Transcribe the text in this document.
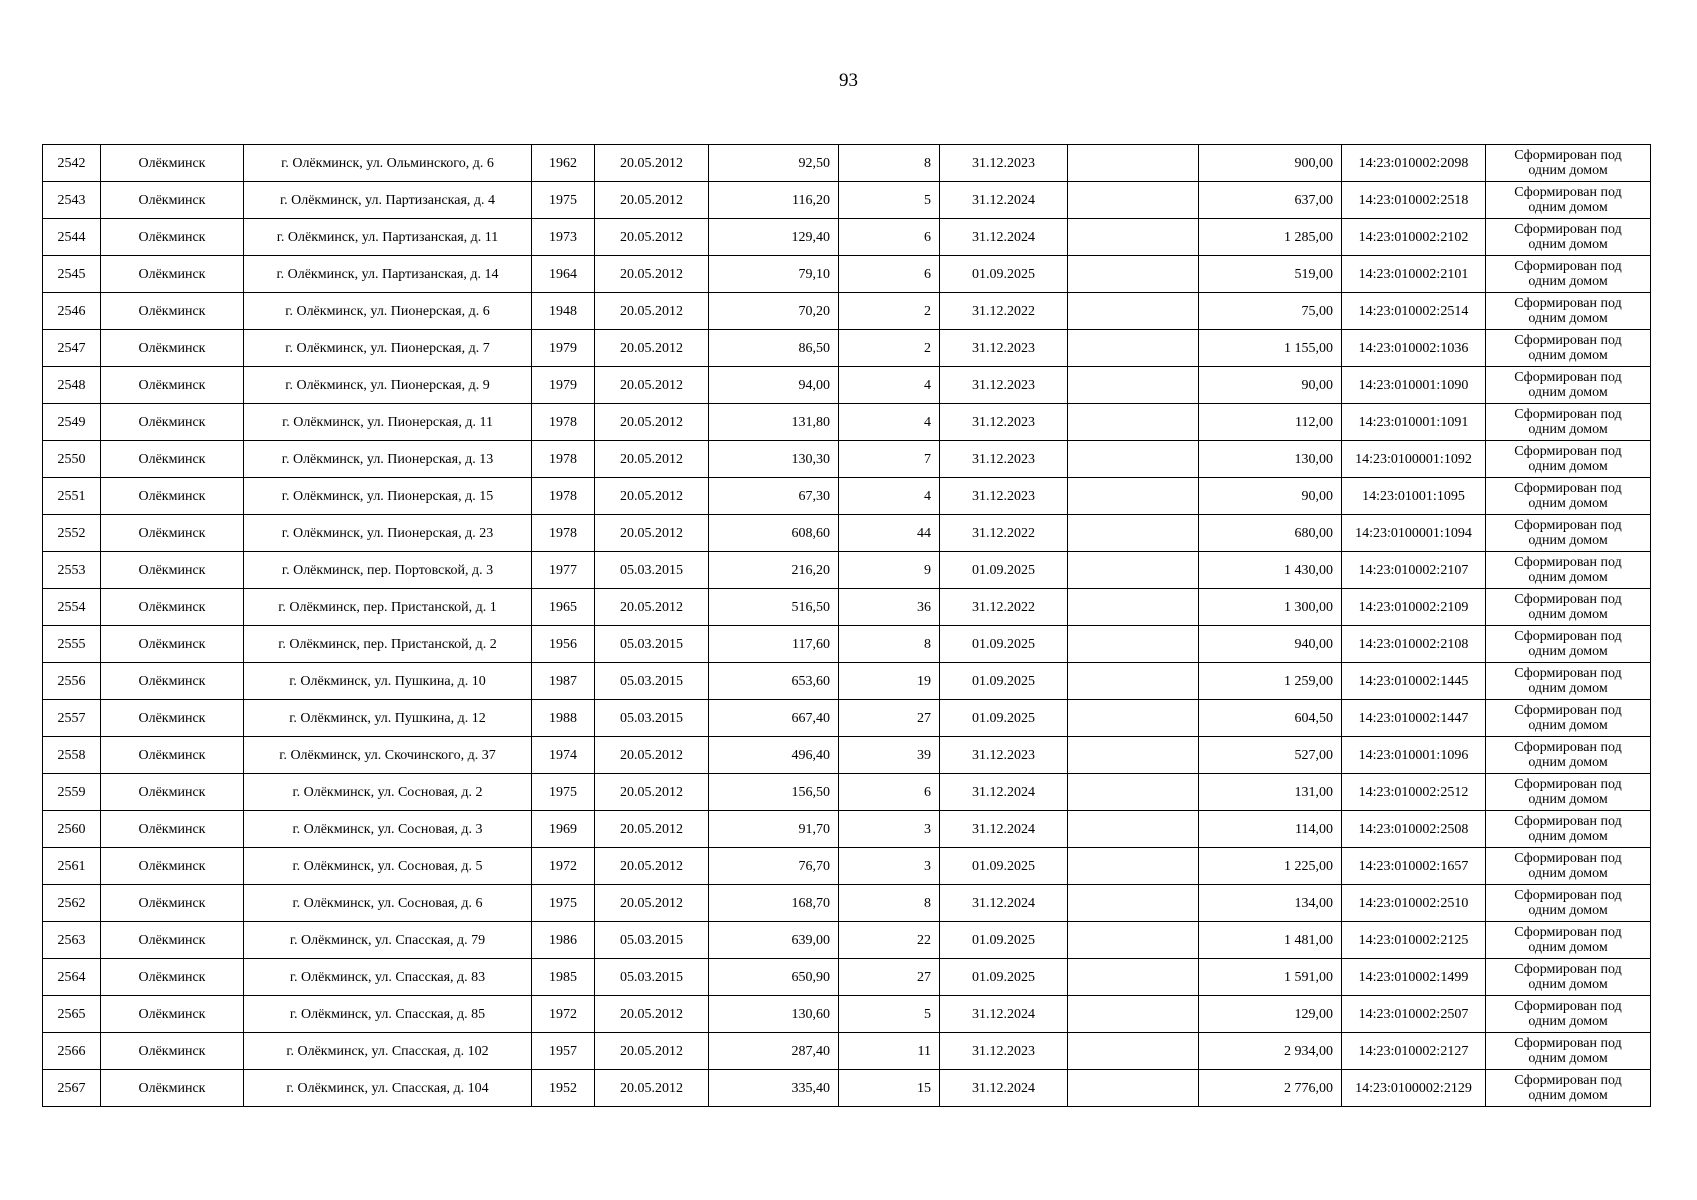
93
2542	Олёкминск	г. Олёкминск, ул. Ольминского, д. 6	1962	20.05.2012	92,50	8	31.12.2023		900,00	14:23:010002:2098	Сформирован под одним домом
2543	Олёкминск	г. Олёкминск, ул. Партизанская, д. 4	1975	20.05.2012	116,20	5	31.12.2024		637,00	14:23:010002:2518	Сформирован под одним домом
2544	Олёкминск	г. Олёкминск, ул. Партизанская, д. 11	1973	20.05.2012	129,40	6	31.12.2024		1 285,00	14:23:010002:2102	Сформирован под одним домом
2545	Олёкминск	г. Олёкминск, ул. Партизанская, д. 14	1964	20.05.2012	79,10	6	01.09.2025		519,00	14:23:010002:2101	Сформирован под одним домом
2546	Олёкминск	г. Олёкминск, ул. Пионерская, д. 6	1948	20.05.2012	70,20	2	31.12.2022		75,00	14:23:010002:2514	Сформирован под одним домом
2547	Олёкминск	г. Олёкминск, ул. Пионерская, д. 7	1979	20.05.2012	86,50	2	31.12.2023		1 155,00	14:23:010002:1036	Сформирован под одним домом
2548	Олёкминск	г. Олёкминск, ул. Пионерская, д. 9	1979	20.05.2012	94,00	4	31.12.2023		90,00	14:23:010001:1090	Сформирован под одним домом
2549	Олёкминск	г. Олёкминск, ул. Пионерская, д. 11	1978	20.05.2012	131,80	4	31.12.2023		112,00	14:23:010001:1091	Сформирован под одним домом
2550	Олёкминск	г. Олёкминск, ул. Пионерская, д. 13	1978	20.05.2012	130,30	7	31.12.2023		130,00	14:23:0100001:1092	Сформирован под одним домом
2551	Олёкминск	г. Олёкминск, ул. Пионерская, д. 15	1978	20.05.2012	67,30	4	31.12.2023		90,00	14:23:01001:1095	Сформирован под одним домом
2552	Олёкминск	г. Олёкминск, ул. Пионерская, д. 23	1978	20.05.2012	608,60	44	31.12.2022		680,00	14:23:0100001:1094	Сформирован под одним домом
2553	Олёкминск	г. Олёкминск, пер. Портовской, д. 3	1977	05.03.2015	216,20	9	01.09.2025		1 430,00	14:23:010002:2107	Сформирован под одним домом
2554	Олёкминск	г. Олёкминск, пер. Пристанской, д. 1	1965	20.05.2012	516,50	36	31.12.2022		1 300,00	14:23:010002:2109	Сформирован под одним домом
2555	Олёкминск	г. Олёкминск, пер. Пристанской, д. 2	1956	05.03.2015	117,60	8	01.09.2025		940,00	14:23:010002:2108	Сформирован под одним домом
2556	Олёкминск	г. Олёкминск, ул. Пушкина, д. 10	1987	05.03.2015	653,60	19	01.09.2025		1 259,00	14:23:010002:1445	Сформирован под одним домом
2557	Олёкминск	г. Олёкминск, ул. Пушкина, д. 12	1988	05.03.2015	667,40	27	01.09.2025		604,50	14:23:010002:1447	Сформирован под одним домом
2558	Олёкминск	г. Олёкминск, ул. Скочинского, д. 37	1974	20.05.2012	496,40	39	31.12.2023		527,00	14:23:010001:1096	Сформирован под одним домом
2559	Олёкминск	г. Олёкминск, ул. Сосновая, д. 2	1975	20.05.2012	156,50	6	31.12.2024		131,00	14:23:010002:2512	Сформирован под одним домом
2560	Олёкминск	г. Олёкминск, ул. Сосновая, д. 3	1969	20.05.2012	91,70	3	31.12.2024		114,00	14:23:010002:2508	Сформирован под одним домом
2561	Олёкминск	г. Олёкминск, ул. Сосновая, д. 5	1972	20.05.2012	76,70	3	01.09.2025		1 225,00	14:23:010002:1657	Сформирован под одним домом
2562	Олёкминск	г. Олёкминск, ул. Сосновая, д. 6	1975	20.05.2012	168,70	8	31.12.2024		134,00	14:23:010002:2510	Сформирован под одним домом
2563	Олёкминск	г. Олёкминск, ул. Спасская, д. 79	1986	05.03.2015	639,00	22	01.09.2025		1 481,00	14:23:010002:2125	Сформирован под одним домом
2564	Олёкминск	г. Олёкминск, ул. Спасская, д. 83	1985	05.03.2015	650,90	27	01.09.2025		1 591,00	14:23:010002:1499	Сформирован под одним домом
2565	Олёкминск	г. Олёкминск, ул. Спасская, д. 85	1972	20.05.2012	130,60	5	31.12.2024		129,00	14:23:010002:2507	Сформирован под одним домом
2566	Олёкминск	г. Олёкминск, ул. Спасская, д. 102	1957	20.05.2012	287,40	11	31.12.2023		2 934,00	14:23:010002:2127	Сформирован под одним домом
2567	Олёкминск	г. Олёкминск, ул. Спасская, д. 104	1952	20.05.2012	335,40	15	31.12.2024		2 776,00	14:23:0100002:2129	Сформирован под одним домом
